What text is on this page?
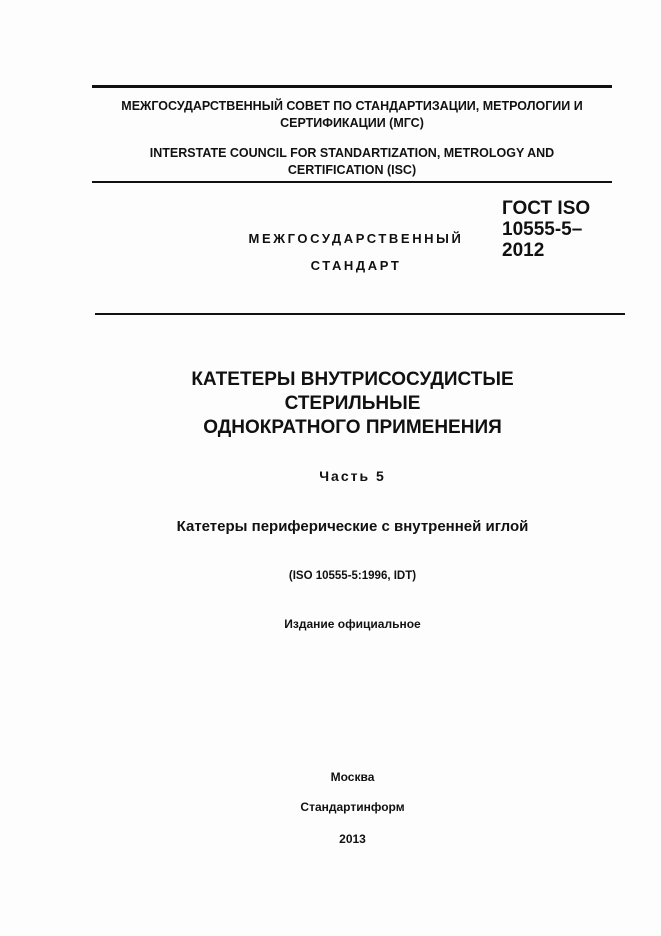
МЕЖГОСУДАРСТВЕННЫЙ СОВЕТ ПО СТАНДАРТИЗАЦИИ, МЕТРОЛОГИИ И
СЕРТИФИКАЦИИ (МГС)
INTERSTATE COUNCIL FOR STANDARTIZATION, METROLOGY AND
CERTIFICATION (ISC)
МЕЖГОСУДАРСТВЕННЫЙ
СТАНДАРТ
ГОСТ ISO
10555-5–
2012
КАТЕТЕРЫ ВНУТРИСОСУДИСТЫЕ
СТЕРИЛЬНЫЕ
ОДНОКРАТНОГО ПРИМЕНЕНИЯ
Часть 5
Катетеры периферические с внутренней иглой
(ISO 10555-5:1996, IDT)
Издание официальное
Москва
Стандартинформ
2013
